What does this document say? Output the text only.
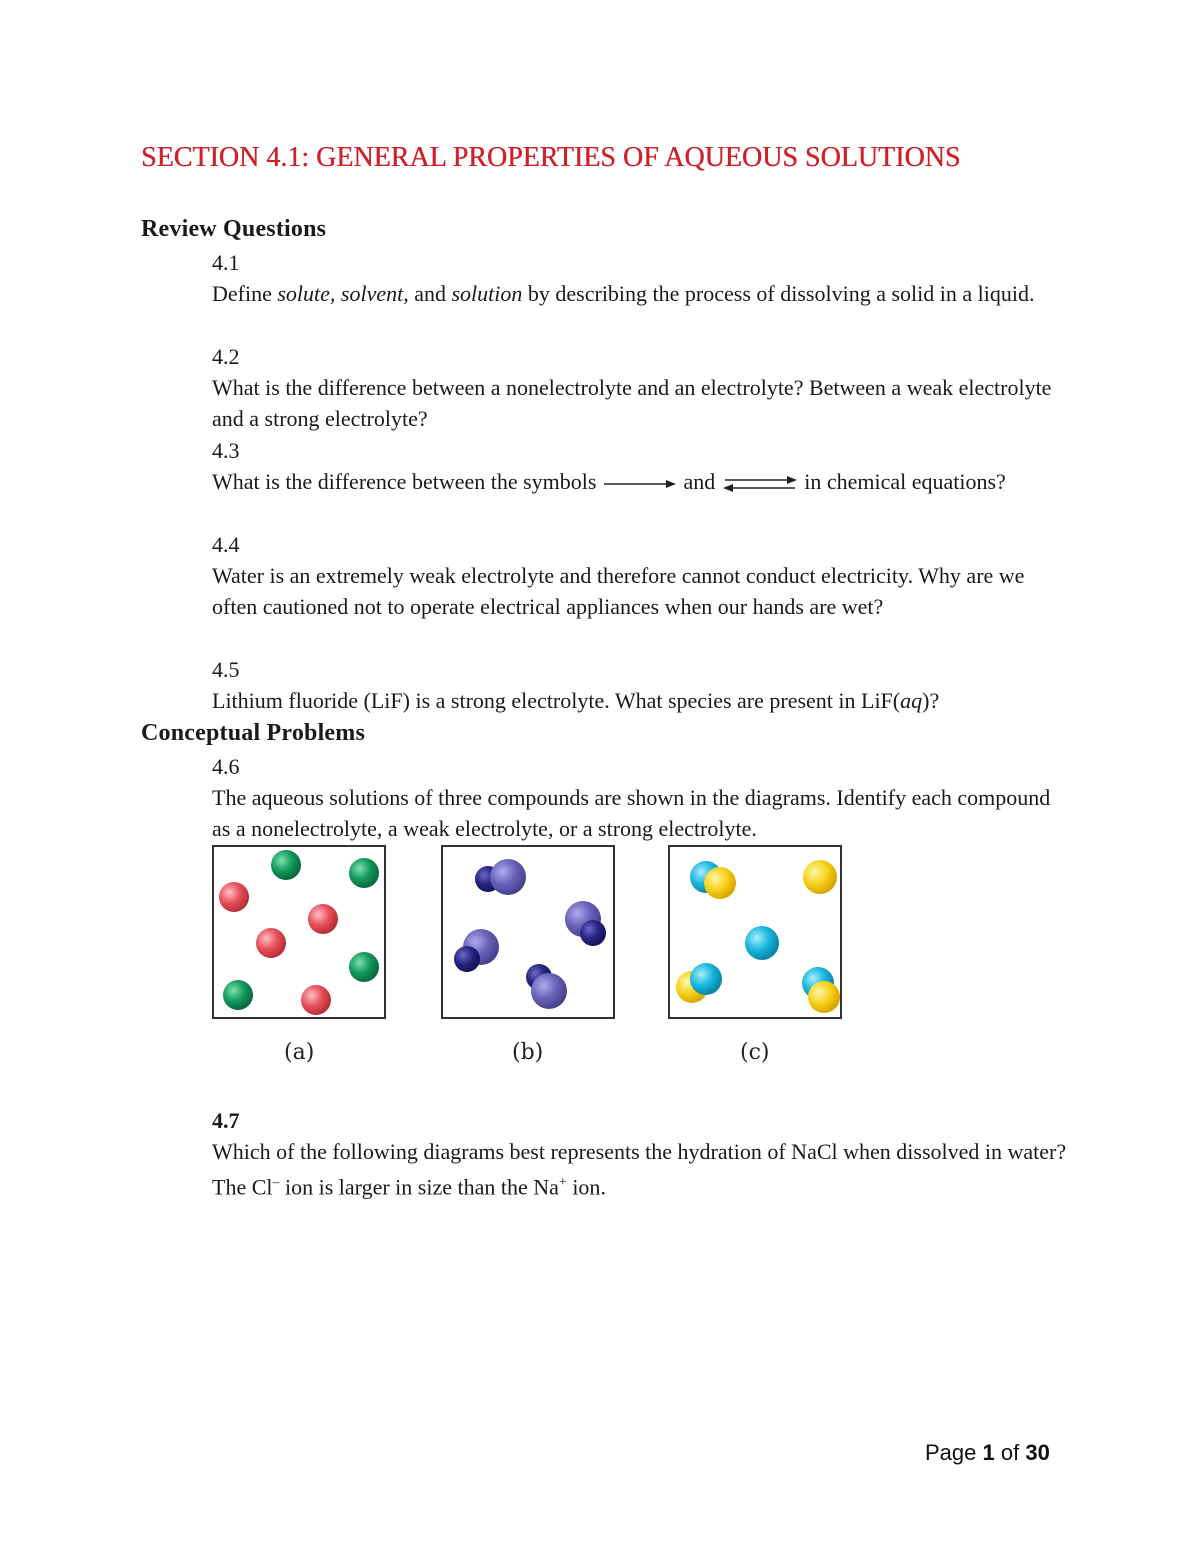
SECTION 4.1: GENERAL PROPERTIES OF AQUEOUS SOLUTIONS
Review Questions
4.1
Define solute, solvent, and solution by describing the process of dissolving a solid in a liquid.
4.2
What is the difference between a nonelectrolyte and an electrolyte? Between a weak electrolyte and a strong electrolyte?
4.3
What is the difference between the symbols	and ⇌ in chemical equations?
4.4
Water is an extremely weak electrolyte and therefore cannot conduct electricity. Why are we often cautioned not to operate electrical appliances when our hands are wet?
4.5
Lithium fluoride (LiF) is a strong electrolyte. What species are present in LiF(aq)?
Conceptual Problems
4.6
The aqueous solutions of three compounds are shown in the diagrams. Identify each compound as a nonelectrolyte, a weak electrolyte, or a strong electrolyte.
(a)	(b)	(c)
4.7
Which of the following diagrams best represents the hydration of NaCl when dissolved in water? The Cl– ion is larger in size than the Na+ ion.
Page 1 of 30
